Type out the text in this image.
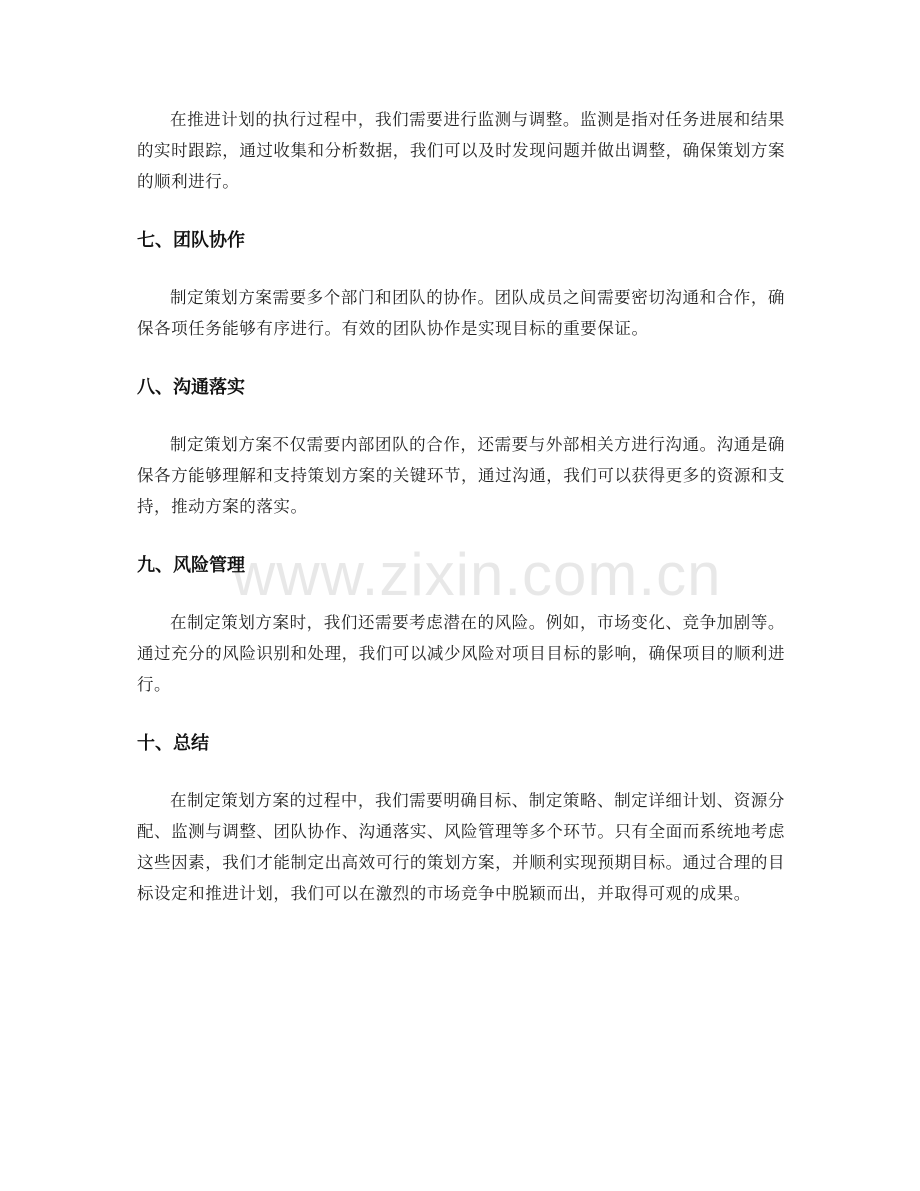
在推进计划的执行过程中，我们需要进行监测与调整。监测是指对任务进展和结果的实时跟踪，通过收集和分析数据，我们可以及时发现问题并做出调整，确保策划方案的顺利进行。

七、团队协作

制定策划方案需要多个部门和团队的协作。团队成员之间需要密切沟通和合作，确保各项任务能够有序进行。有效的团队协作是实现目标的重要保证。

八、沟通落实

制定策划方案不仅需要内部团队的合作，还需要与外部相关方进行沟通。沟通是确保各方能够理解和支持策划方案的关键环节，通过沟通，我们可以获得更多的资源和支持，推动方案的落实。

九、风险管理

在制定策划方案时，我们还需要考虑潜在的风险。例如，市场变化、竞争加剧等。通过充分的风险识别和处理，我们可以减少风险对项目目标的影响，确保项目的顺利进行。

十、总结

在制定策划方案的过程中，我们需要明确目标、制定策略、制定详细计划、资源分配、监测与调整、团队协作、沟通落实、风险管理等多个环节。只有全面而系统地考虑这些因素，我们才能制定出高效可行的策划方案，并顺利实现预期目标。通过合理的目标设定和推进计划，我们可以在激烈的市场竞争中脱颖而出，并取得可观的成果。

www.zixin.com.cn
